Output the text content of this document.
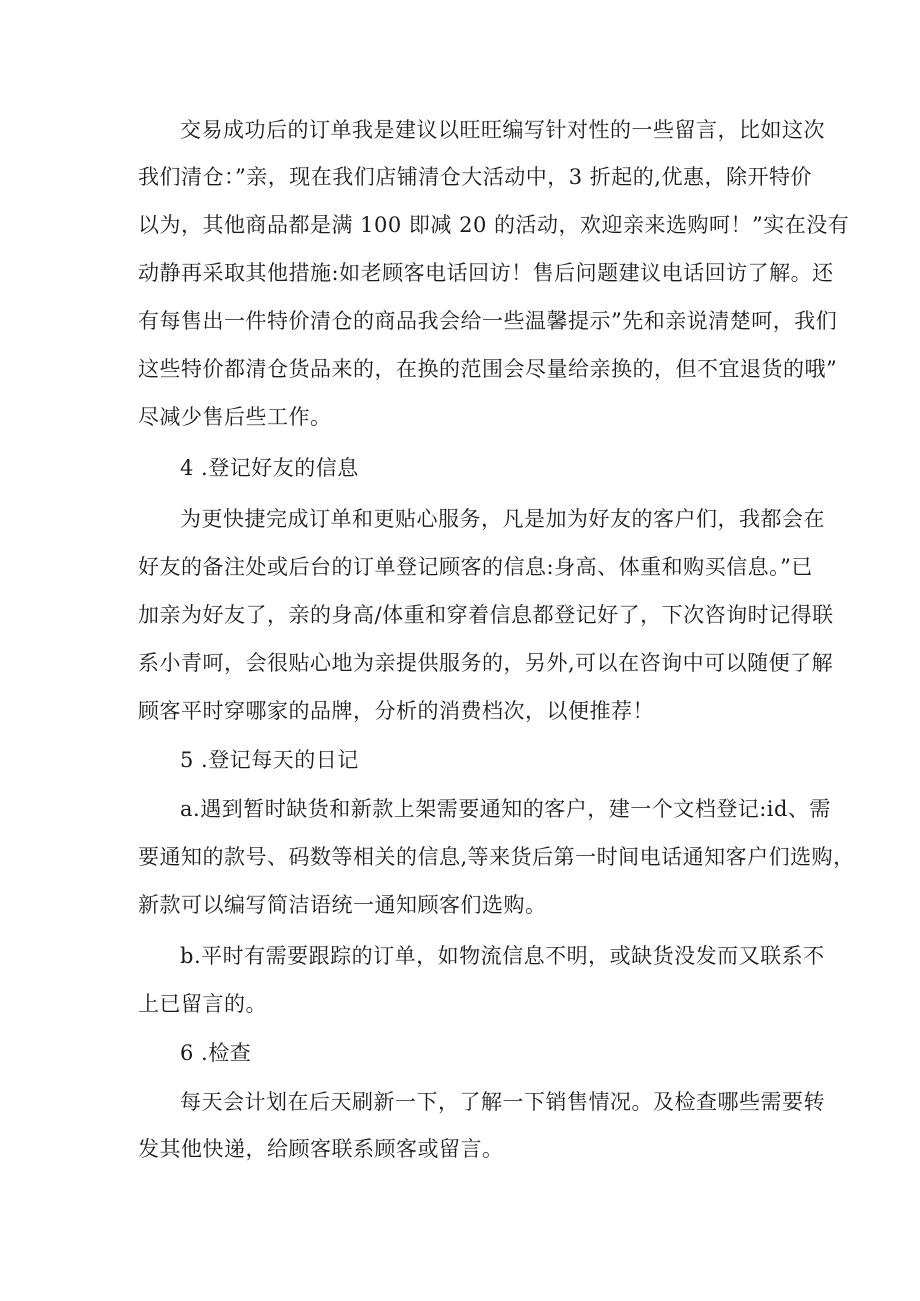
交易成功后的订单我是建议以旺旺编写针对性的一些留言，比如这次
我们清仓：”亲，现在我们店铺清仓大活动中，3 折起的,优惠，除开特价
以为，其他商品都是满 100 即减 20 的活动，欢迎亲来选购呵！”实在没有
动静再采取其他措施:如老顾客电话回访！售后问题建议电话回访了解。还
有每售出一件特价清仓的商品我会给一些温馨提示”先和亲说清楚呵，我们
这些特价都清仓货品来的，在换的范围会尽量给亲换的，但不宜退货的哦”
尽减少售后些工作。
4 .登记好友的信息
为更快捷完成订单和更贴心服务，凡是加为好友的客户们，我都会在
好友的备注处或后台的订单登记顾客的信息:身高、体重和购买信息。”已
加亲为好友了，亲的身高/体重和穿着信息都登记好了，下次咨询时记得联
系小青呵，会很贴心地为亲提供服务的，另外,可以在咨询中可以随便了解
顾客平时穿哪家的品牌，分析的消费档次，以便推荐！
5 .登记每天的日记
a.遇到暂时缺货和新款上架需要通知的客户，建一个文档登记:id、需
要通知的款号、码数等相关的信息,等来货后第一时间电话通知客户们选购，
新款可以编写简洁语统一通知顾客们选购。
b.平时有需要跟踪的订单，如物流信息不明，或缺货没发而又联系不
上已留言的。
6 .检查
每天会计划在后天刷新一下，了解一下销售情况。及检查哪些需要转
发其他快递，给顾客联系顾客或留言。
